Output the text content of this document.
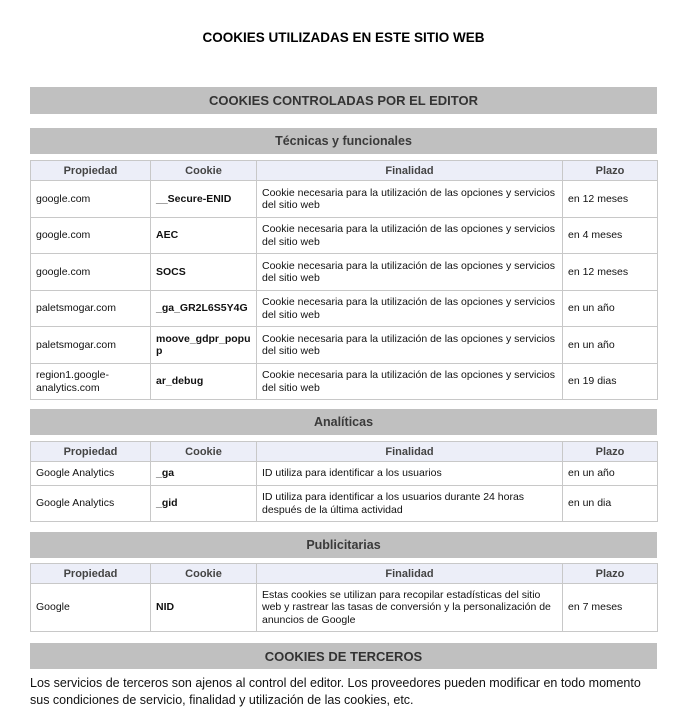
COOKIES UTILIZADAS EN ESTE SITIO WEB
COOKIES CONTROLADAS POR EL EDITOR
Técnicas y funcionales
Propiedad	Cookie	Finalidad	Plazo
google.com	__Secure-ENID	Cookie necesaria para la utilización de las opciones y servicios del sitio web	en 12 meses
google.com	AEC	Cookie necesaria para la utilización de las opciones y servicios del sitio web	en 4 meses
google.com	SOCS	Cookie necesaria para la utilización de las opciones y servicios del sitio web	en 12 meses
paletsmogar.com	_ga_GR2L6S5Y4G	Cookie necesaria para la utilización de las opciones y servicios del sitio web	en un año
paletsmogar.com	moove_gdpr_popup	Cookie necesaria para la utilización de las opciones y servicios del sitio web	en un año
region1.google-analytics.com	ar_debug	Cookie necesaria para la utilización de las opciones y servicios del sitio web	en 19 dias
Analíticas
Propiedad	Cookie	Finalidad	Plazo
Google Analytics	_ga	ID utiliza para identificar a los usuarios	en un año
Google Analytics	_gid	ID utiliza para identificar a los usuarios durante 24 horas después de la última actividad	en un dia
Publicitarias
Propiedad	Cookie	Finalidad	Plazo
Google	NID	Estas cookies se utilizan para recopilar estadísticas del sitio web y rastrear las tasas de conversión y la personalización de anuncios de Google	en 7 meses
COOKIES DE TERCEROS
Los servicios de terceros son ajenos al control del editor. Los proveedores pueden modificar en todo momento sus condiciones de servicio, finalidad y utilización de las cookies, etc.
